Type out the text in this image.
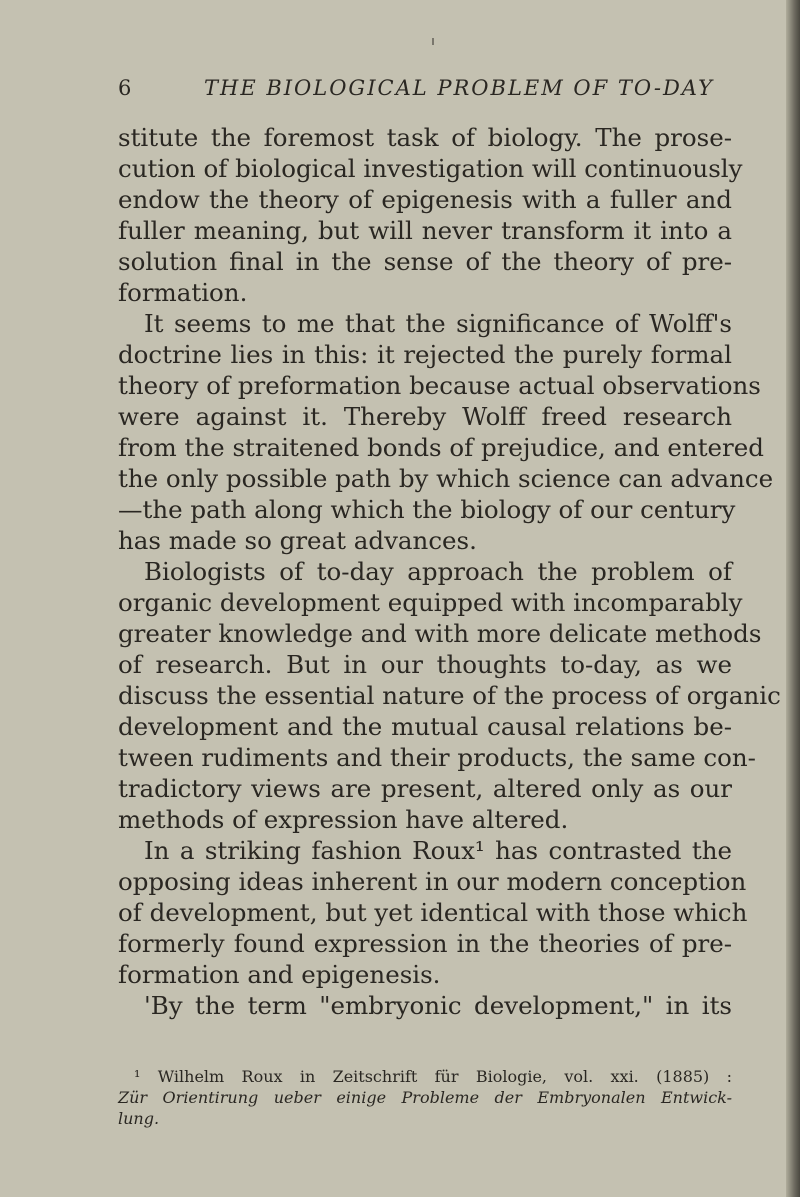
6	THE BIOLOGICAL PROBLEM OF TO-DAY
stitute the foremost task of biology. The prose-
cution of biological investigation will continuously
endow the theory of epigenesis with a fuller and
fuller meaning, but will never transform it into a
solution final in the sense of the theory of pre-
formation.
It seems to me that the significance of Wolff's
doctrine lies in this: it rejected the purely formal
theory of preformation because actual observations
were against it. Thereby Wolff freed research
from the straitened bonds of prejudice, and entered
the only possible path by which science can advance
—the path along which the biology of our century
has made so great advances.
Biologists of to-day approach the problem of
organic development equipped with incomparably
greater knowledge and with more delicate methods
of research. But in our thoughts to-day, as we
discuss the essential nature of the process of organic
development and the mutual causal relations be-
tween rudiments and their products, the same con-
tradictory views are present, altered only as our
methods of expression have altered.
In a striking fashion Roux¹ has contrasted the
opposing ideas inherent in our modern conception
of development, but yet identical with those which
formerly found expression in the theories of pre-
formation and epigenesis.
'By the term "embryonic development," in its
¹ Wilhelm Roux in Zeitschrift für Biologie, vol. xxi. (1885) :
Zür Orientirung ueber einige Probleme der Embryonalen Entwick-
lung.
